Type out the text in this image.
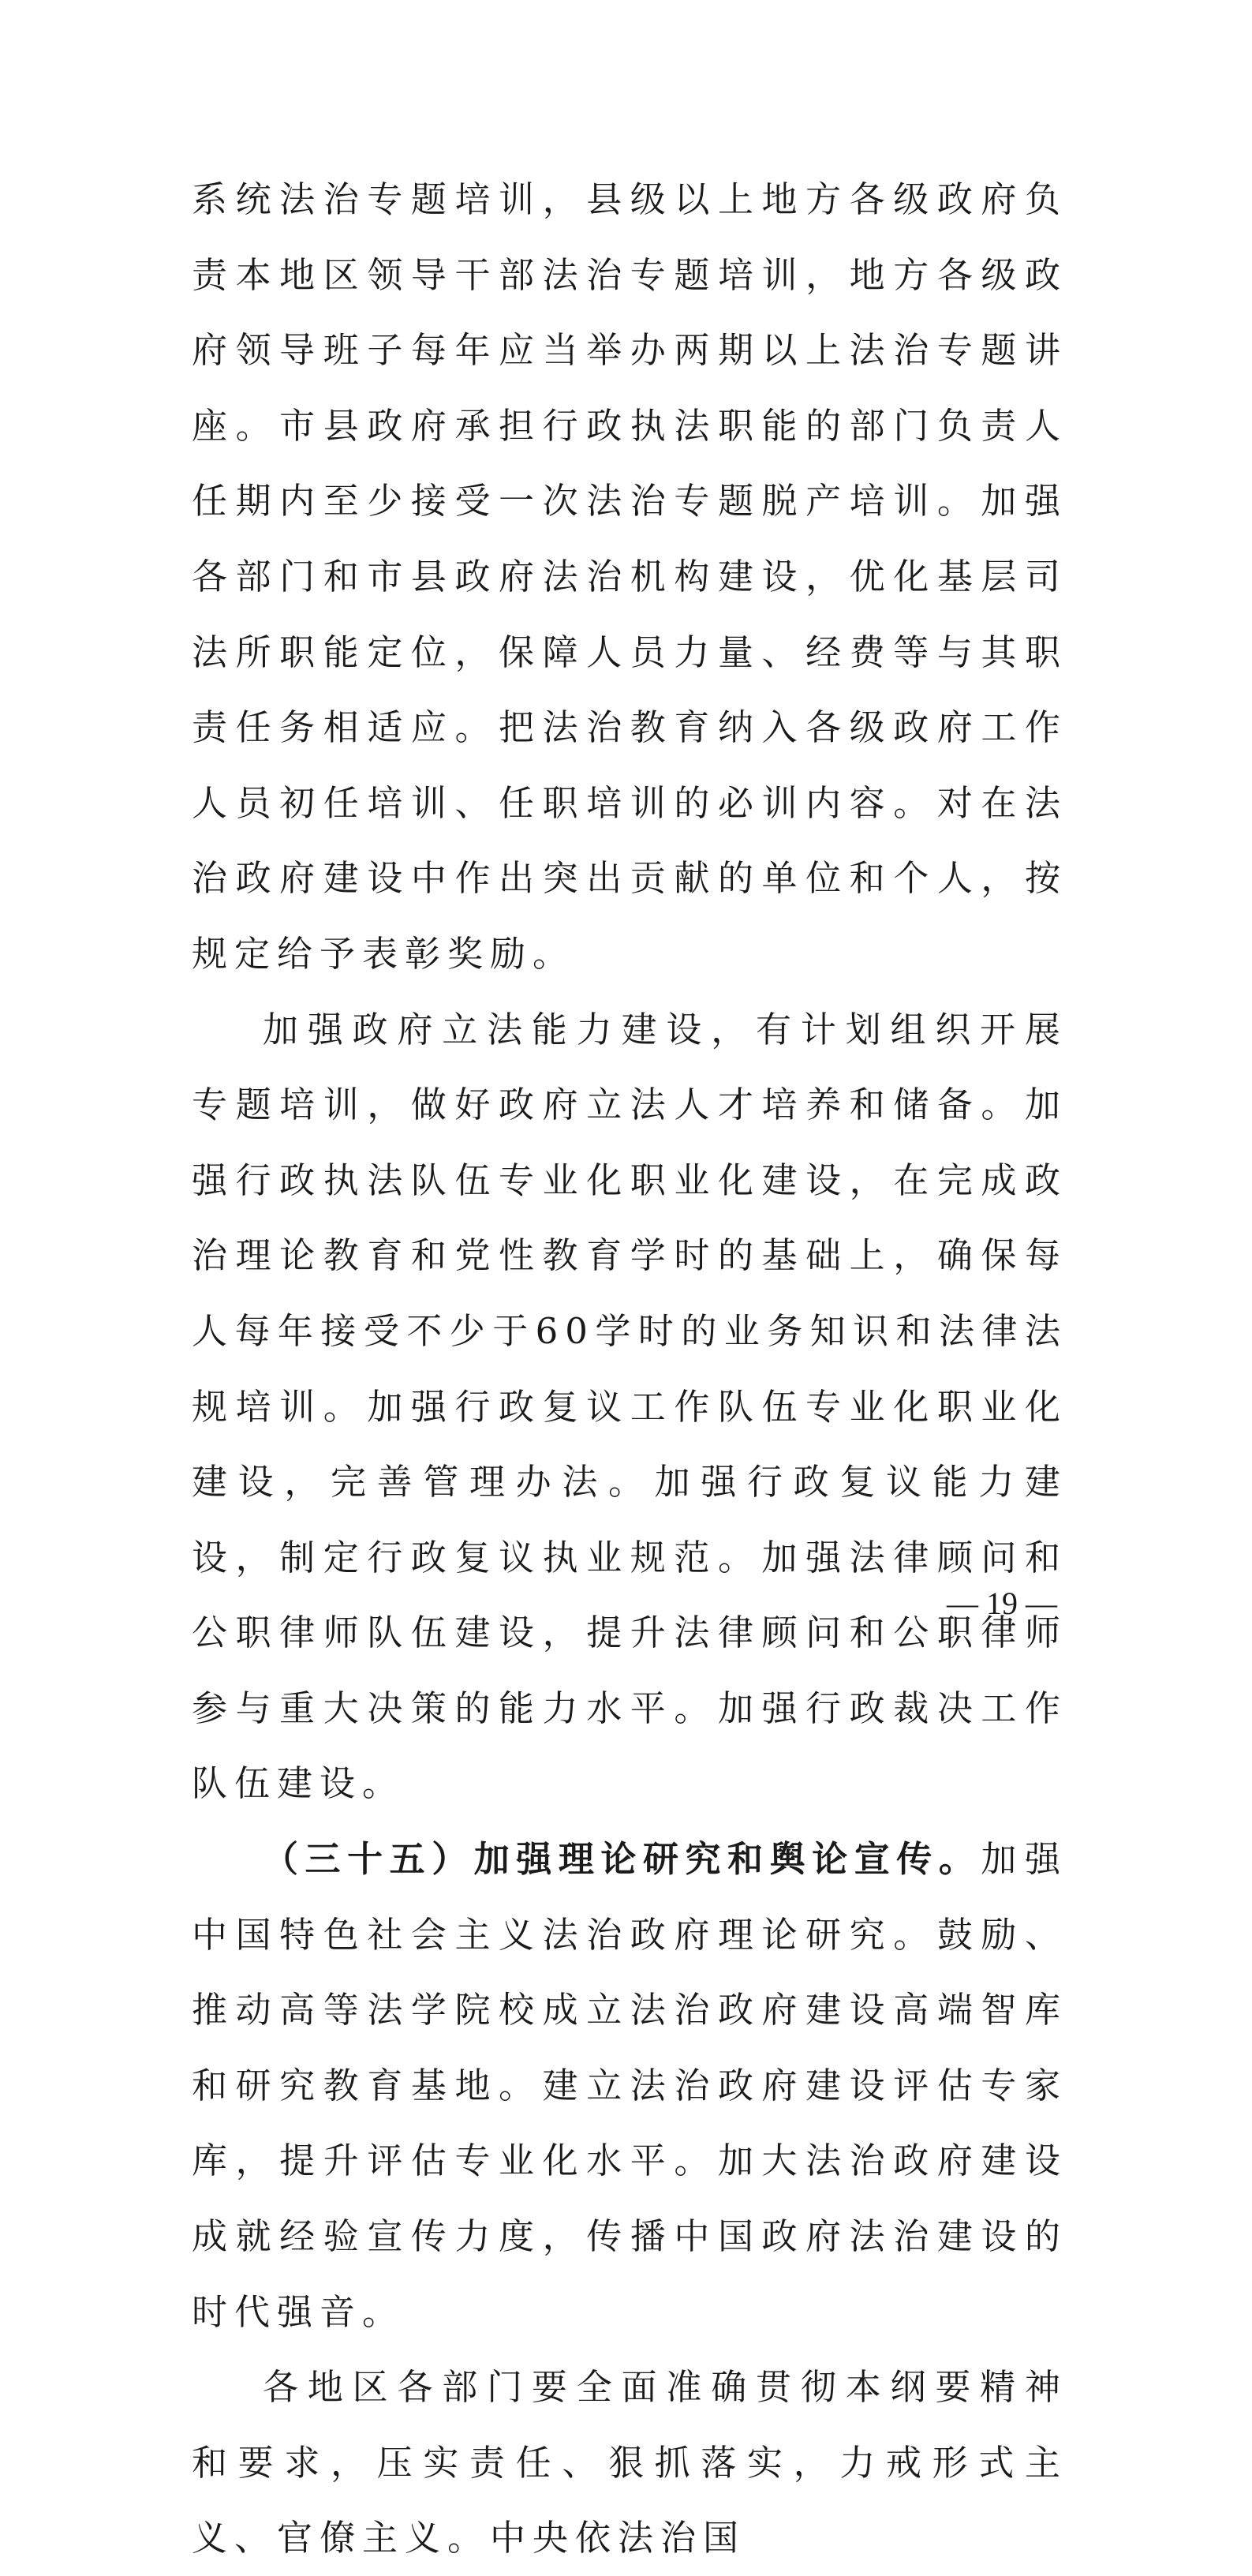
系统法治专题培训，县级以上地方各级政府负责本地区领导干部法治专题培训，地方各级政府领导班子每年应当举办两期以上法治专题讲座。市县政府承担行政执法职能的部门负责人任期内至少接受一次法治专题脱产培训。加强各部门和市县政府法治机构建设，优化基层司法所职能定位，保障人员力量、经费等与其职责任务相适应。把法治教育纳入各级政府工作人员初任培训、任职培训的必训内容。对在法治政府建设中作出突出贡献的单位和个人，按规定给予表彰奖励。

加强政府立法能力建设，有计划组织开展专题培训，做好政府立法人才培养和储备。加强行政执法队伍专业化职业化建设，在完成政治理论教育和党性教育学时的基础上，确保每人每年接受不少于60学时的业务知识和法律法规培训。加强行政复议工作队伍专业化职业化建设，完善管理办法。加强行政复议能力建设，制定行政复议执业规范。加强法律顾问和公职律师队伍建设，提升法律顾问和公职律师参与重大决策的能力水平。加强行政裁决工作队伍建设。

（三十五）加强理论研究和舆论宣传。加强中国特色社会主义法治政府理论研究。鼓励、推动高等法学院校成立法治政府建设高端智库和研究教育基地。建立法治政府建设评估专家库，提升评估专业化水平。加大法治政府建设成就经验宣传力度，传播中国政府法治建设的时代强音。

各地区各部门要全面准确贯彻本纲要精神和要求，压实责任、狠抓落实，力戒形式主义、官僚主义。中央依法治国

— 19 —
